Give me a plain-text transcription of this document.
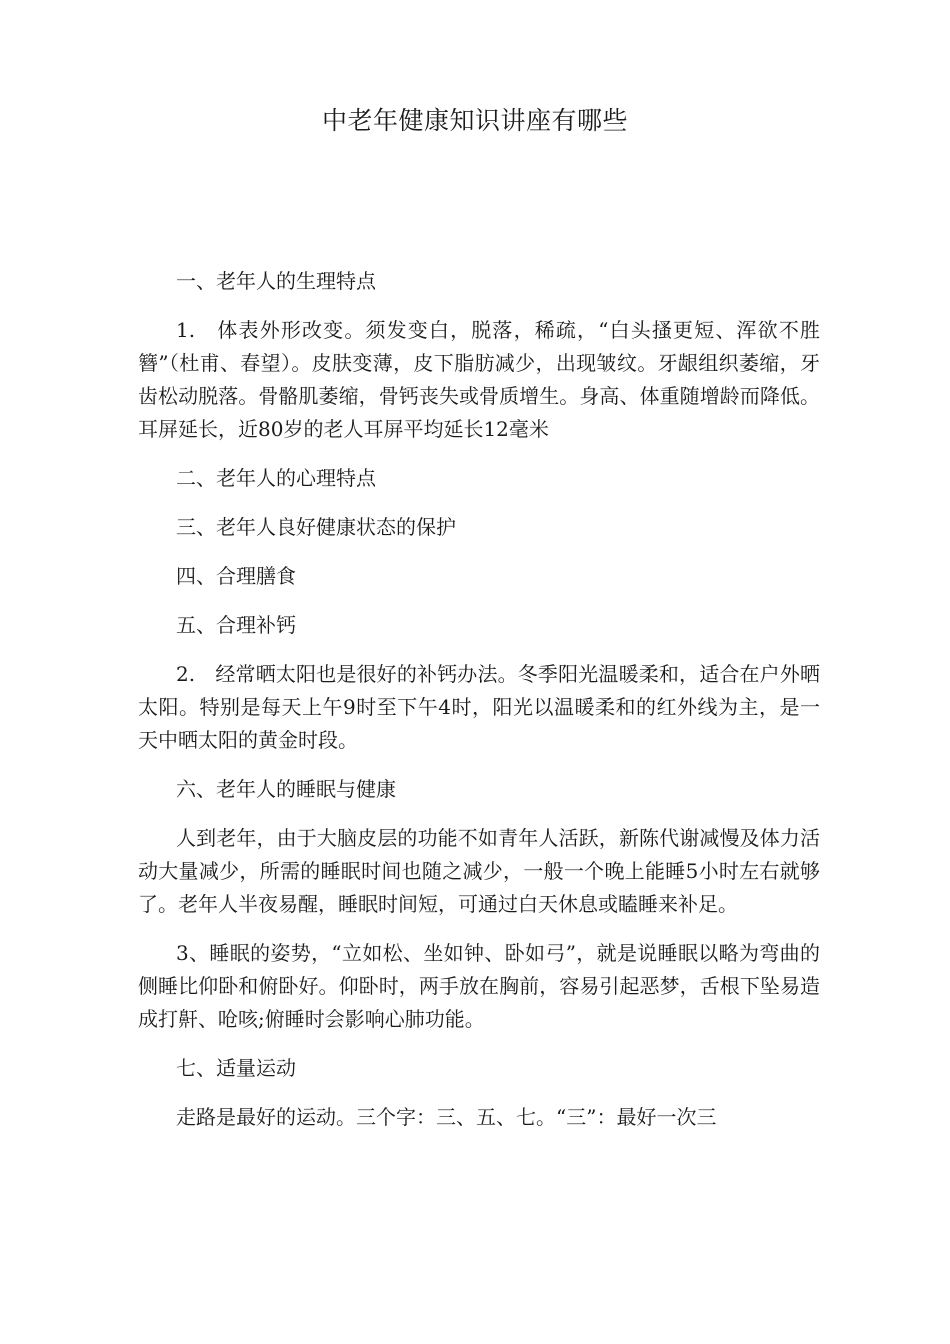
中老年健康知识讲座有哪些

一、老年人的生理特点

1.　体表外形改变。须发变白，脱落，稀疏，“白头搔更短、浑欲不胜簪”（杜甫、春望）。皮肤变薄，皮下脂肪减少，出现皱纹。牙龈组织萎缩，牙齿松动脱落。骨骼肌萎缩，骨钙丧失或骨质增生。身高、体重随增龄而降低。耳屏延长，近80岁的老人耳屏平均延长12毫米

二、老年人的心理特点

三、老年人良好健康状态的保护

四、合理膳食

五、合理补钙

2.　经常晒太阳也是很好的补钙办法。冬季阳光温暖柔和，适合在户外晒太阳。特别是每天上午9时至下午4时，阳光以温暖柔和的红外线为主，是一天中晒太阳的黄金时段。

六、老年人的睡眠与健康

人到老年，由于大脑皮层的功能不如青年人活跃，新陈代谢减慢及体力活动大量减少，所需的睡眠时间也随之减少，一般一个晚上能睡5小时左右就够了。老年人半夜易醒，睡眠时间短，可通过白天休息或瞌睡来补足。

3、睡眠的姿势，“立如松、坐如钟、卧如弓”，就是说睡眠以略为弯曲的侧睡比仰卧和俯卧好。仰卧时，两手放在胸前，容易引起恶梦，舌根下坠易造成打鼾、呛咳;俯睡时会影响心肺功能。

七、适量运动

走路是最好的运动。三个字：三、五、七。“三”：最好一次三
